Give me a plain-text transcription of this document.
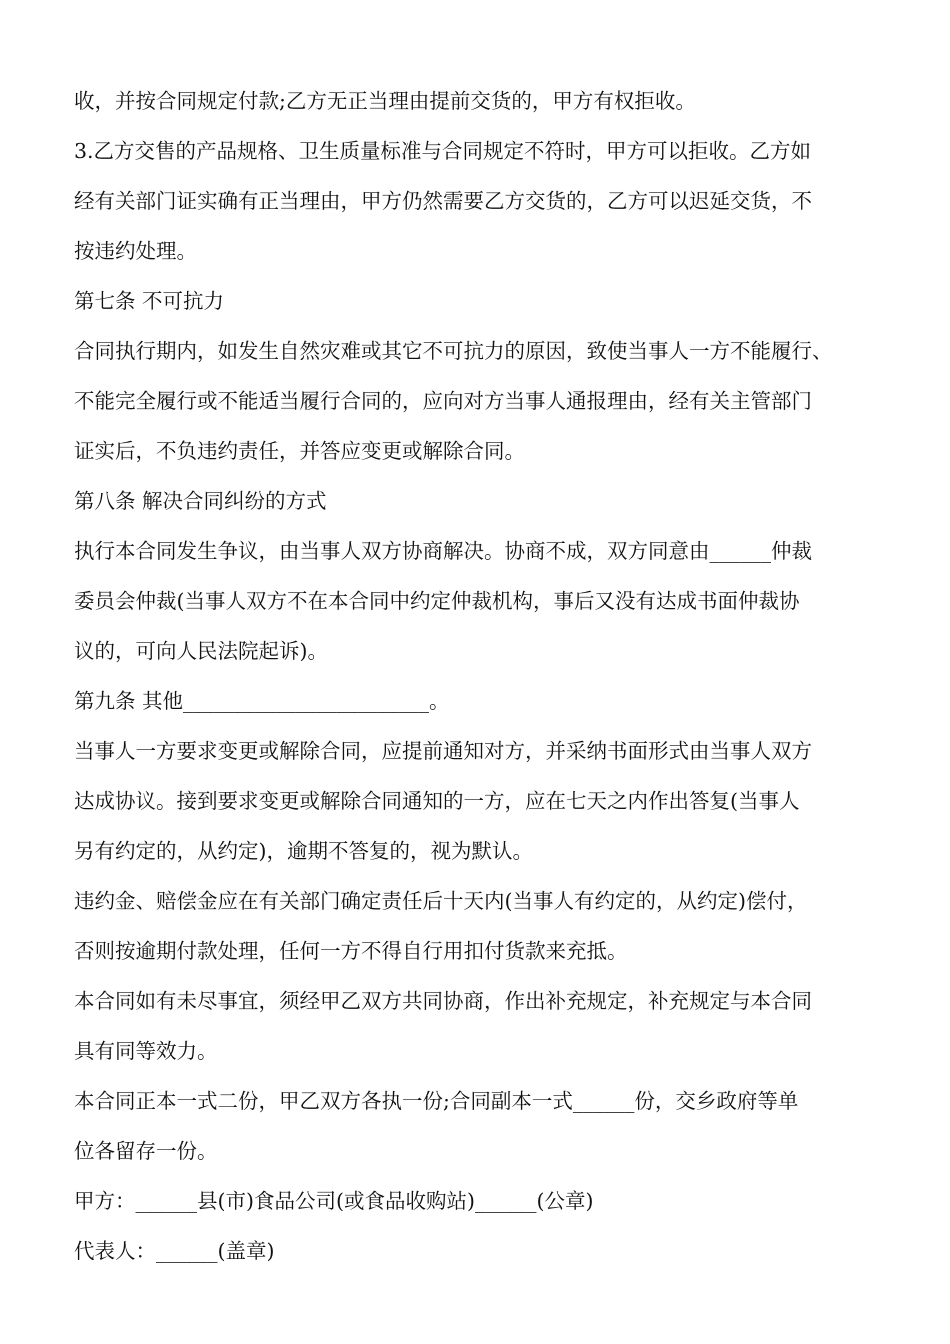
收，并按合同规定付款;乙方无正当理由提前交货的，甲方有权拒收。
3.乙方交售的产品规格、卫生质量标准与合同规定不符时，甲方可以拒收。乙方如
经有关部门证实确有正当理由，甲方仍然需要乙方交货的，乙方可以迟延交货，不
按违约处理。
第七条 不可抗力
合同执行期内，如发生自然灾难或其它不可抗力的原因，致使当事人一方不能履行、
不能完全履行或不能适当履行合同的，应向对方当事人通报理由，经有关主管部门
证实后，不负违约责任，并答应变更或解除合同。
第八条 解决合同纠纷的方式
执行本合同发生争议，由当事人双方协商解决。协商不成，双方同意由______仲裁
委员会仲裁(当事人双方不在本合同中约定仲裁机构，事后又没有达成书面仲裁协
议的，可向人民法院起诉)。
第九条 其他________________________。
当事人一方要求变更或解除合同，应提前通知对方，并采纳书面形式由当事人双方
达成协议。接到要求变更或解除合同通知的一方，应在七天之内作出答复(当事人
另有约定的，从约定)，逾期不答复的，视为默认。
违约金、赔偿金应在有关部门确定责任后十天内(当事人有约定的，从约定)偿付，
否则按逾期付款处理，任何一方不得自行用扣付货款来充抵。
本合同如有未尽事宜，须经甲乙双方共同协商，作出补充规定，补充规定与本合同
具有同等效力。
本合同正本一式二份，甲乙双方各执一份;合同副本一式______份，交乡政府等单
位各留存一份。
甲方：______县(市)食品公司(或食品收购站)______(公章)
代表人：______(盖章)
